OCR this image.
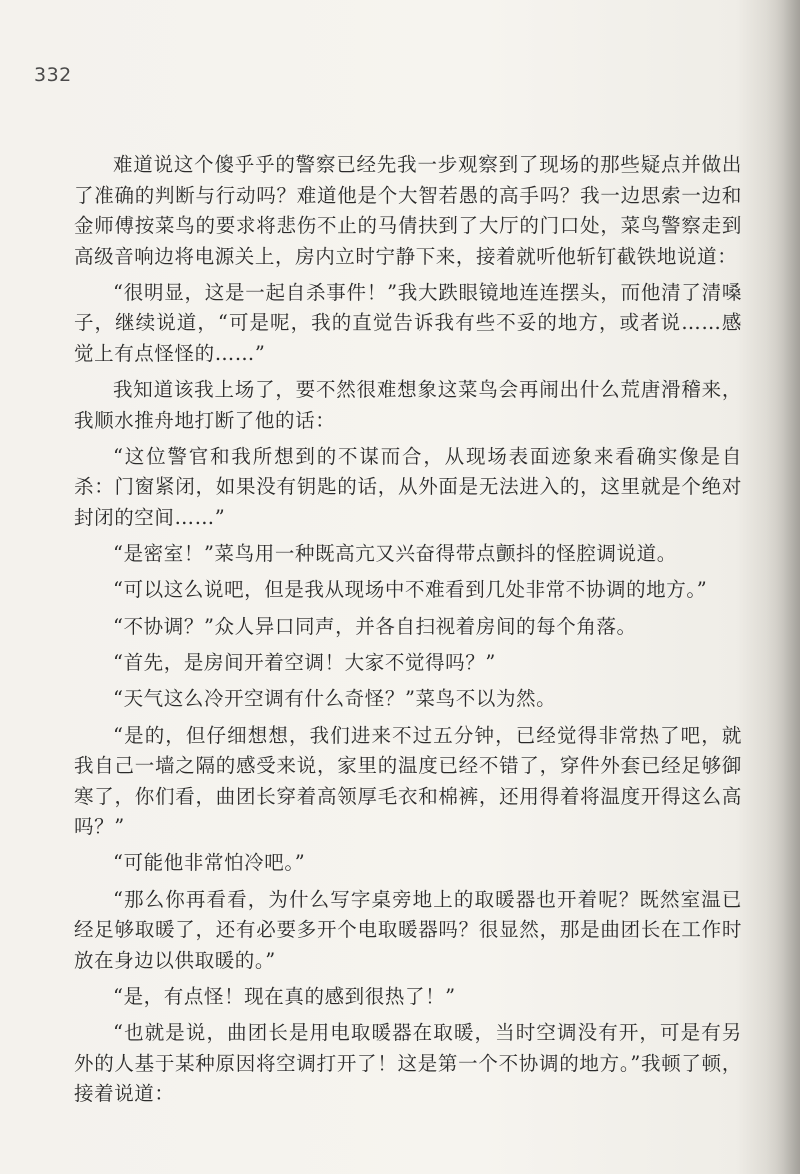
332

难道说这个傻乎乎的警察已经先我一步观察到了现场的那些疑点并做出了准确的判断与行动吗？难道他是个大智若愚的高手吗？我一边思索一边和金师傅按菜鸟的要求将悲伤不止的马倩扶到了大厅的门口处，菜鸟警察走到高级音响边将电源关上，房内立时宁静下来，接着就听他斩钉截铁地说道：

“很明显，这是一起自杀事件！”我大跌眼镜地连连摆头，而他清了清嗓子，继续说道，“可是呢，我的直觉告诉我有些不妥的地方，或者说……感觉上有点怪怪的……”

我知道该我上场了，要不然很难想象这菜鸟会再闹出什么荒唐滑稽来，我顺水推舟地打断了他的话：

“这位警官和我所想到的不谋而合，从现场表面迹象来看确实像是自杀：门窗紧闭，如果没有钥匙的话，从外面是无法进入的，这里就是个绝对封闭的空间……”

“是密室！”菜鸟用一种既高亢又兴奋得带点颤抖的怪腔调说道。

“可以这么说吧，但是我从现场中不难看到几处非常不协调的地方。”

“不协调？”众人异口同声，并各自扫视着房间的每个角落。

“首先，是房间开着空调！大家不觉得吗？”

“天气这么冷开空调有什么奇怪？”菜鸟不以为然。

“是的，但仔细想想，我们进来不过五分钟，已经觉得非常热了吧，就我自己一墙之隔的感受来说，家里的温度已经不错了，穿件外套已经足够御寒了，你们看，曲团长穿着高领厚毛衣和棉裤，还用得着将温度开得这么高吗？”

“可能他非常怕冷吧。”

“那么你再看看，为什么写字桌旁地上的取暖器也开着呢？既然室温已经足够取暖了，还有必要多开个电取暖器吗？很显然，那是曲团长在工作时放在身边以供取暖的。”

“是，有点怪！现在真的感到很热了！”

“也就是说，曲团长是用电取暖器在取暖，当时空调没有开，可是有另外的人基于某种原因将空调打开了！这是第一个不协调的地方。”我顿了顿，接着说道：
